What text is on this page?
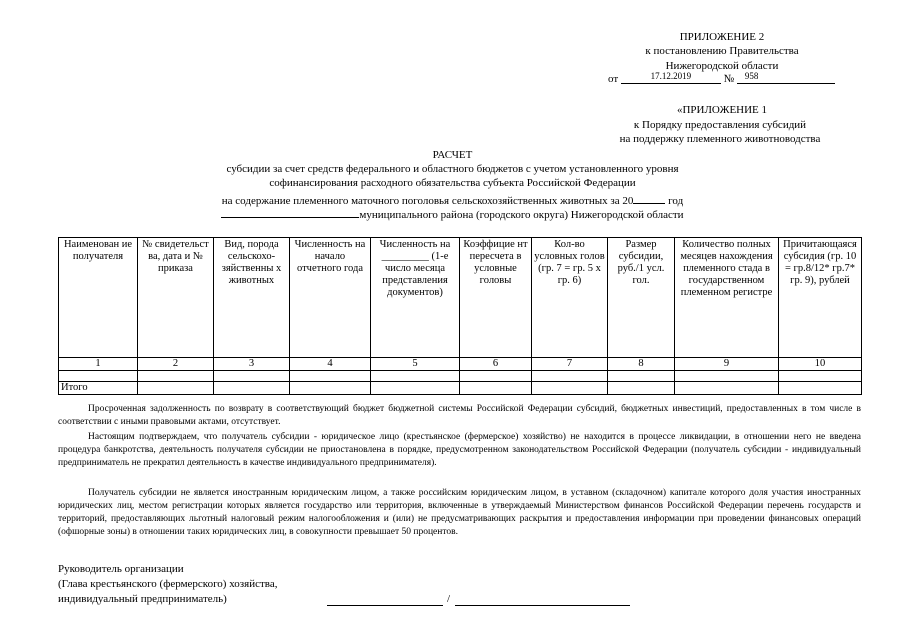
ПРИЛОЖЕНИЕ 2
к постановлению Правительства
Нижегородской области
от	17.12.2019	№ 958
«ПРИЛОЖЕНИЕ 1
к Порядку предоставления субсидий
на поддержку племенного животноводства
РАСЧЕТ
субсидии за счет средств федерального и областного бюджетов с учетом установленного уровня
софинансирования расходного обязательства субъекта Российской Федерации
на содержание племенного маточного поголовья сельскохозяйственных животных за 20	год
муниципального района (городского округа) Нижегородской области
Наименован ие получателя	№ свидетельст ва, дата и № приказа	Вид, порода сельскохо-зяйственны х животных	Численность на начало отчетного года	Численность на _________ (1-е число месяца представления документов)	Коэффицие нт пересчета в условные головы	Кол-во условных голов (гр. 7 = гр. 5 x гр. 6)	Размер субсидии, руб./1 усл. гол.	Количество полных месяцев нахождения племенного стада в государственном племенном регистре	Причитающаяся субсидия (гр. 10 = гр.8/12* гр.7* гр. 9), рублей
1	2	3	4	5	6	7	8	9	10

Итого									
Просроченная задолженность по возврату в соответствующий бюджет бюджетной системы Российской Федерации субсидий, бюджетных инвестиций, предоставленных в том числе в соответствии с иными правовыми актами, отсутствует.
Настоящим подтверждаем, что получатель субсидии - юридическое лицо (крестьянское (фермерское) хозяйство) не находится в процессе ликвидации, в отношении него не введена процедура банкротства, деятельность получателя субсидии не приостановлена в порядке, предусмотренном законодательством Российской Федерации (получатель субсидии - индивидуальный предприниматель не прекратил деятельность в качестве индивидуального предпринимателя).
Получатель субсидии не является иностранным юридическим лицом, а также российским юридическим лицом, в уставном (складочном) капитале которого доля участия иностранных юридических лиц, местом регистрации которых является государство или территория, включенные в утверждаемый Министерством финансов Российской Федерации перечень государств и территорий, предоставляющих льготный налоговый режим налогообложения и (или) не предусматривающих раскрытия и предоставления информации при проведении финансовых операций (офшорные зоны) в отношении таких юридических лиц, в совокупности превышает 50 процентов.
Руководитель организации
(Глава крестьянского (фермерского) хозяйства,
индивидуальный предприниматель)	/
